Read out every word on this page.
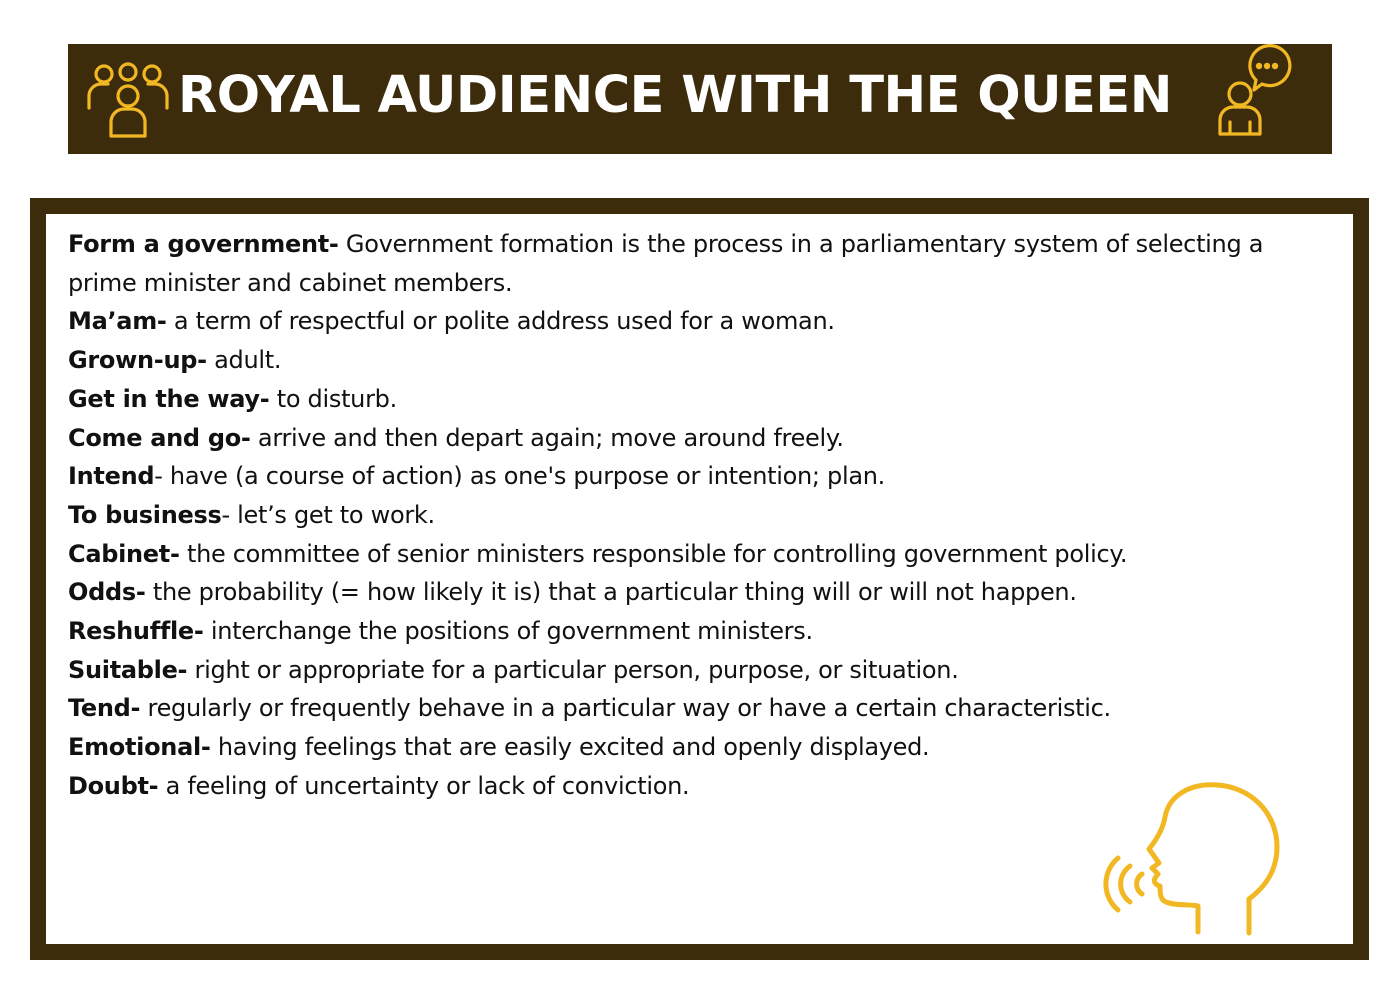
ROYAL AUDIENCE WITH THE QUEEN
Form a government- Government formation is the process in a parliamentary system of selecting a prime minister and cabinet members.
Ma’am- a term of respectful or polite address used for a woman.
Grown-up- adult.
Get in the way- to disturb.
Come and go- arrive and then depart again; move around freely.
Intend- have (a course of action) as one's purpose or intention; plan.
To business- let’s get to work.
Cabinet- the committee of senior ministers responsible for controlling government policy.
Odds- the probability (= how likely it is) that a particular thing will or will not happen.
Reshuffle- interchange the positions of government ministers.
Suitable- right or appropriate for a particular person, purpose, or situation.
Tend- regularly or frequently behave in a particular way or have a certain characteristic.
Emotional- having feelings that are easily excited and openly displayed.
Doubt- a feeling of uncertainty or lack of conviction.
